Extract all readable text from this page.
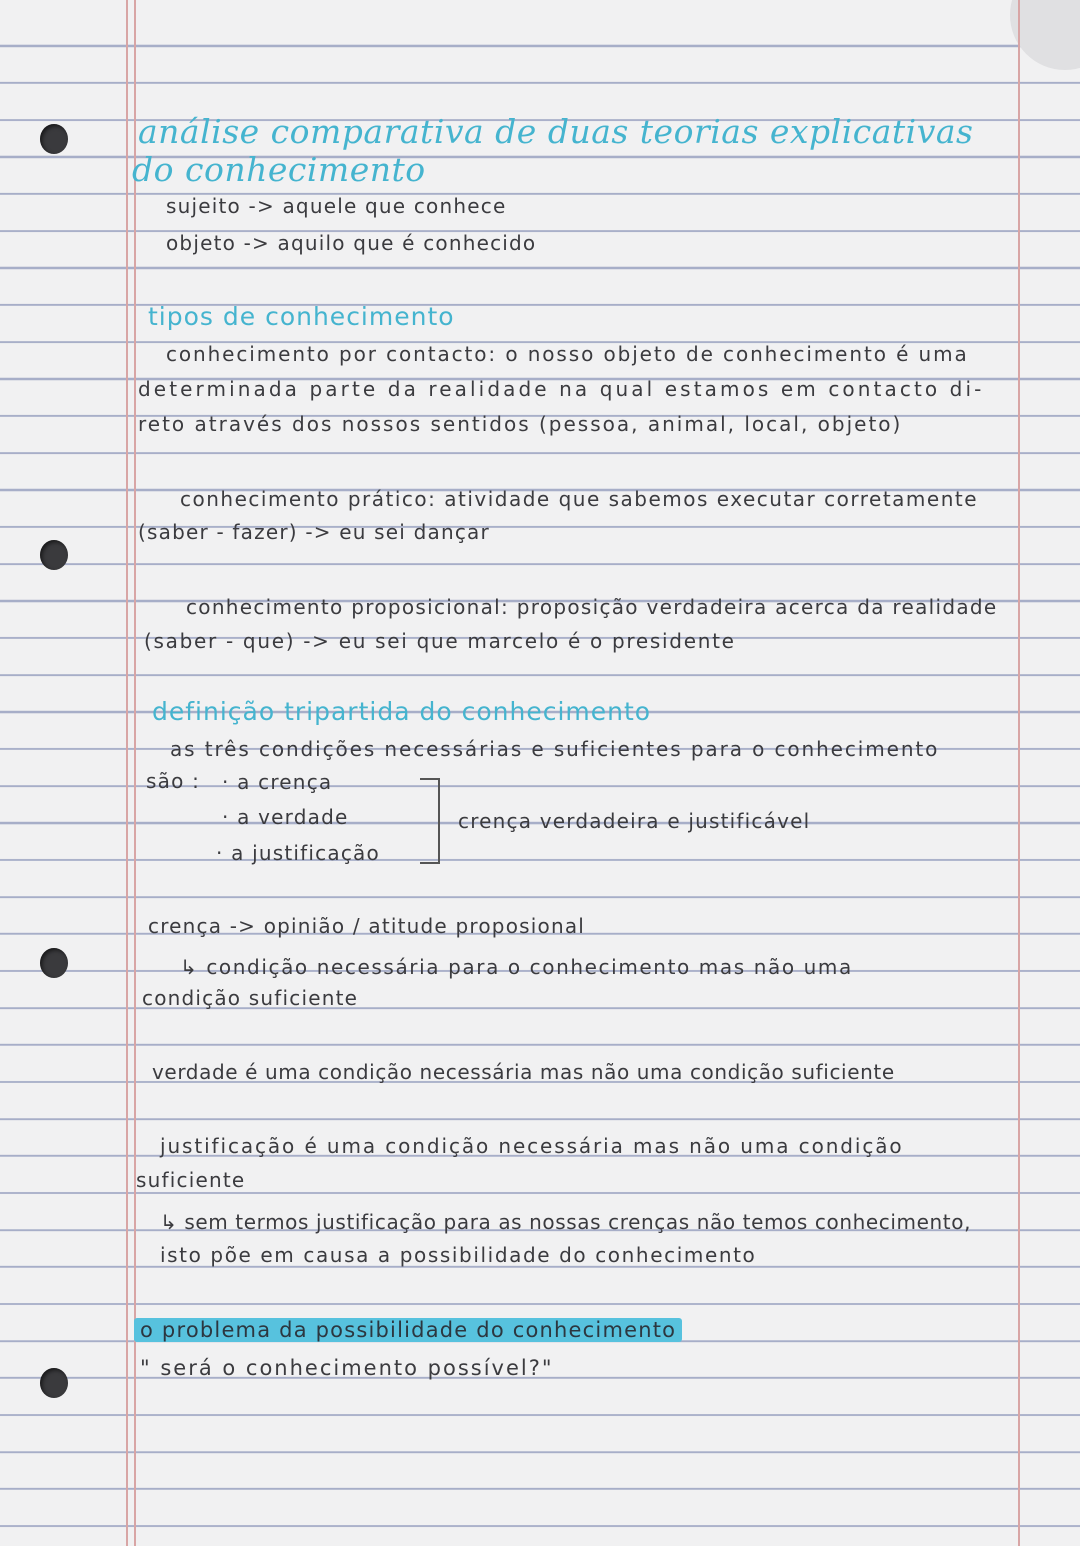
análise comparativa de duas teorias explicativas
do conhecimento
sujeito -> aquele que conhece
objeto -> aquilo que é conhecido
tipos de conhecimento
conhecimento por contacto: o nosso objeto de conhecimento é uma
determinada parte da realidade na qual estamos em contacto di-
reto através dos nossos sentidos (pessoa, animal, local, objeto)
conhecimento prático: atividade que sabemos executar corretamente
(saber - fazer) -> eu sei dançar
conhecimento proposicional: proposição verdadeira acerca da realidade
(saber - que) -> eu sei que marcelo é o presidente
definição tripartida do conhecimento
as três condições necessárias e suficientes para o conhecimento
são : · a crença
· a verdade
· a justificação
crença verdadeira e justificável
crença -> opinião / atitude proposional
↳ condição necessária para o conhecimento mas não uma
condição suficiente
verdade é uma condição necessária mas não uma condição suficiente
justificação é uma condição necessária mas não uma condição
suficiente
↳ sem termos justificação para as nossas crenças não temos conhecimento,
isto põe em causa a possibilidade do conhecimento
o problema da possibilidade do conhecimento
" será o conhecimento possível?"
